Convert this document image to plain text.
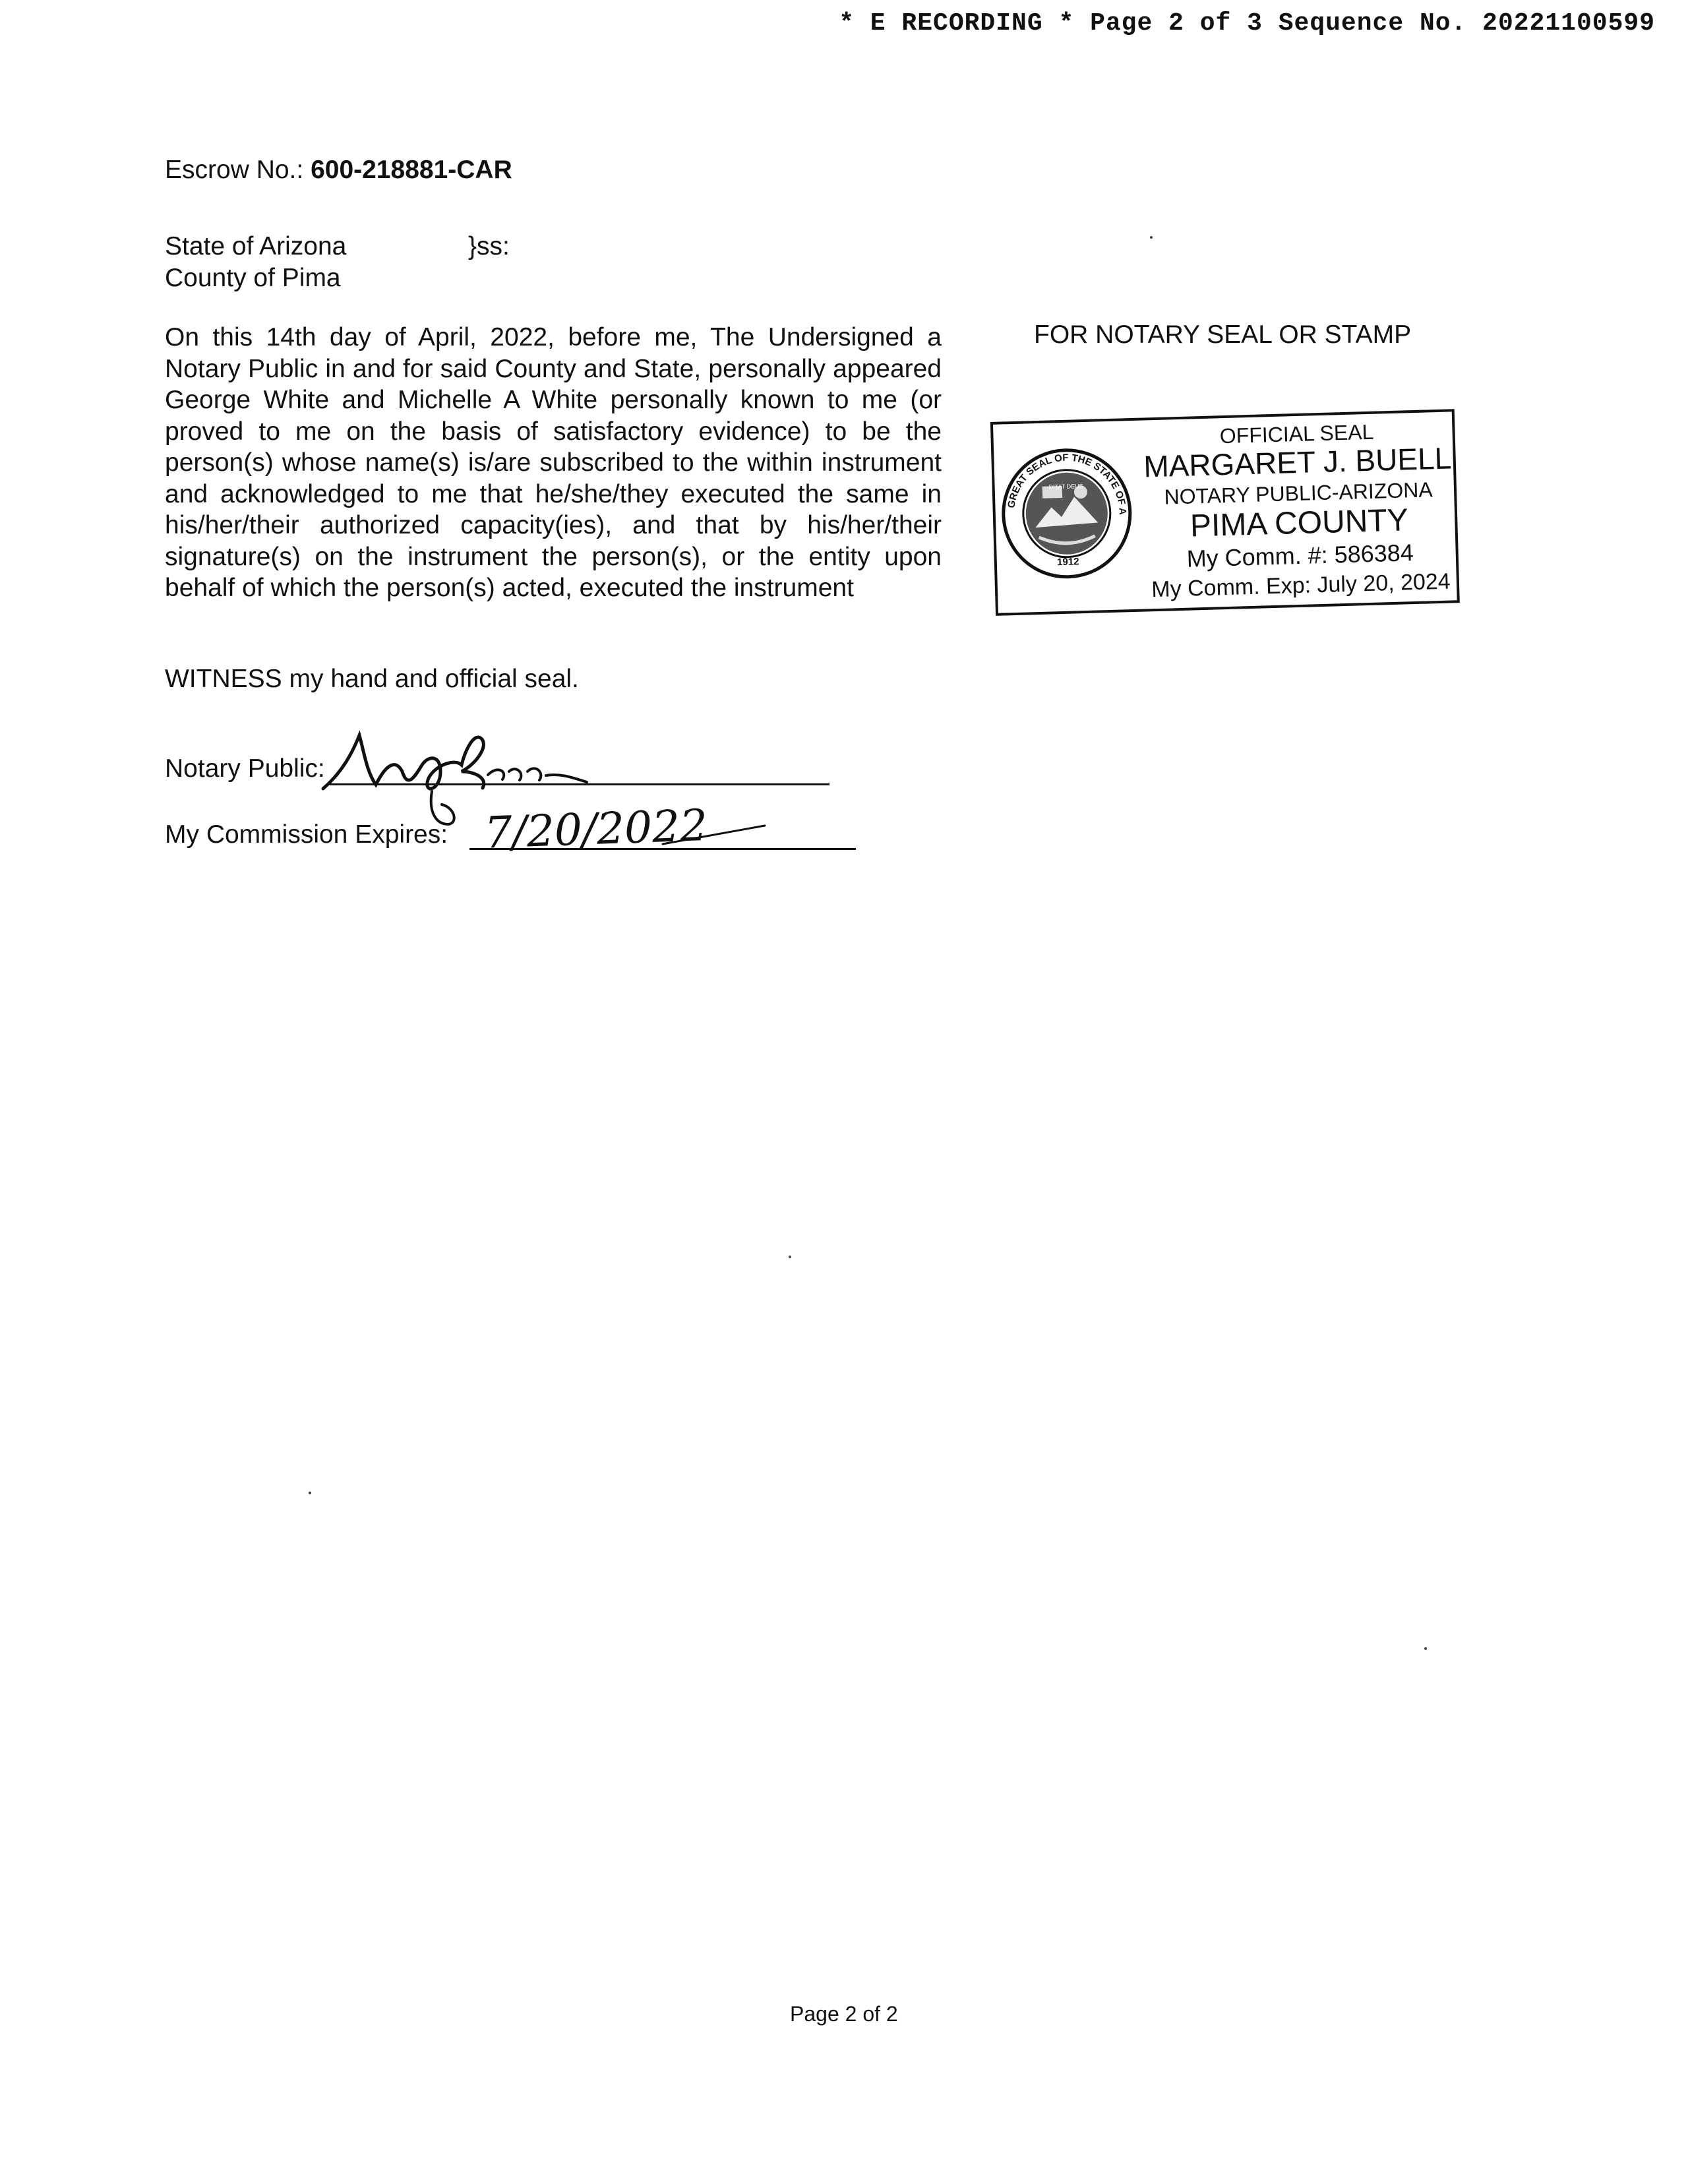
* E RECORDING * Page 2 of 3 Sequence No. 20221100599
Escrow No.: 600-218881-CAR
State of Arizona	}ss:
County of Pima
On this 14th day of April, 2022, before me, The Undersigned a Notary Public in and for said County and State, personally appeared George White and Michelle A White personally known to me (or proved to me on the basis of satisfactory evidence) to be the person(s) whose name(s) is/are subscribed to the within instrument and acknowledged to me that he/she/they executed the same in his/her/their authorized capacity(ies), and that by his/her/their signature(s) on the instrument the person(s), or the entity upon behalf of which the person(s) acted, executed the instrument
FOR NOTARY SEAL OR STAMP
GREAT SEAL OF THE STATE OF ARIZONA
1912
DITAT DEUS
OFFICIAL SEAL
MARGARET J. BUELL
NOTARY PUBLIC-ARIZONA
PIMA COUNTY
My Comm. #: 586384
My Comm. Exp: July 20, 2024
WITNESS my hand and official seal.
Notary Public:
My Commission Expires: 7/20/2022
Page 2 of 2
